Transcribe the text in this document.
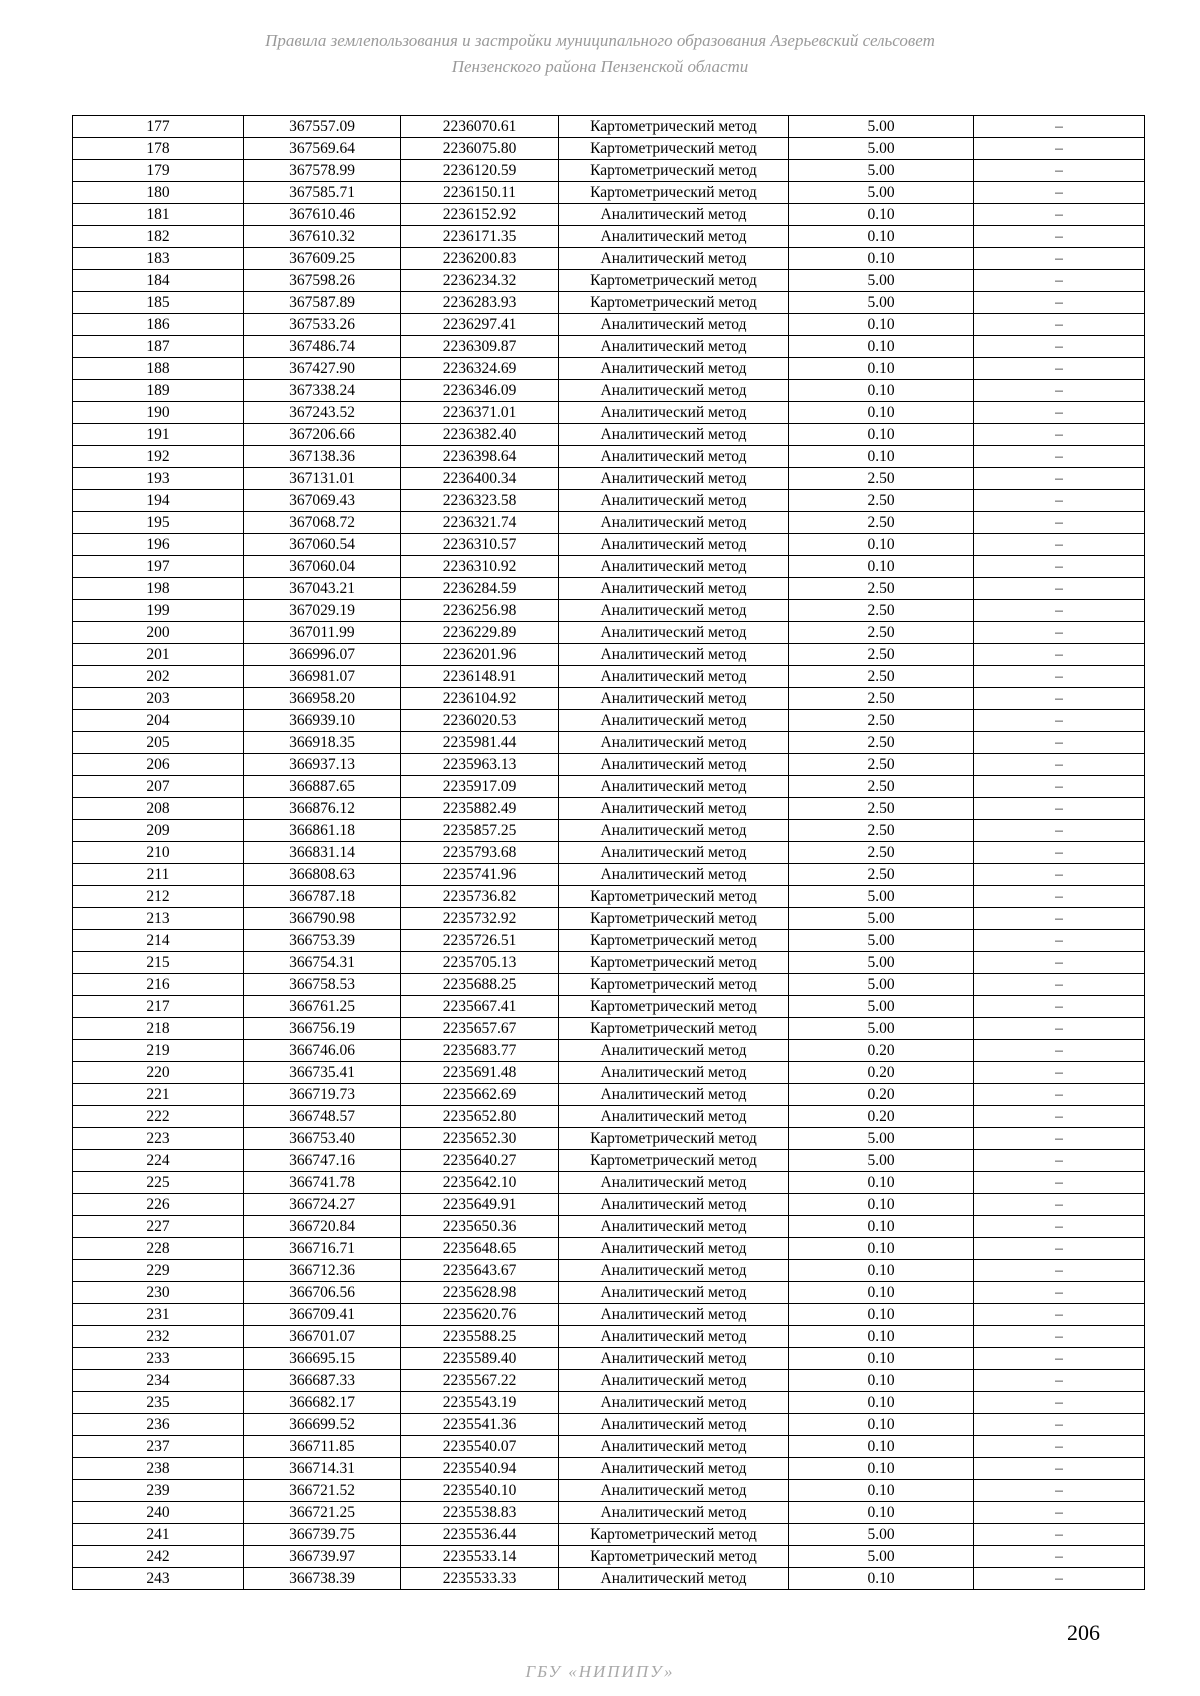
Правила землепользования и застройки муниципального образования Азерьевский сельсовет
Пензенского района Пензенской области
177	367557.09	2236070.61	Картометрический метод	5.00	–
178	367569.64	2236075.80	Картометрический метод	5.00	–
179	367578.99	2236120.59	Картометрический метод	5.00	–
180	367585.71	2236150.11	Картометрический метод	5.00	–
181	367610.46	2236152.92	Аналитический метод	0.10	–
182	367610.32	2236171.35	Аналитический метод	0.10	–
183	367609.25	2236200.83	Аналитический метод	0.10	–
184	367598.26	2236234.32	Картометрический метод	5.00	–
185	367587.89	2236283.93	Картометрический метод	5.00	–
186	367533.26	2236297.41	Аналитический метод	0.10	–
187	367486.74	2236309.87	Аналитический метод	0.10	–
188	367427.90	2236324.69	Аналитический метод	0.10	–
189	367338.24	2236346.09	Аналитический метод	0.10	–
190	367243.52	2236371.01	Аналитический метод	0.10	–
191	367206.66	2236382.40	Аналитический метод	0.10	–
192	367138.36	2236398.64	Аналитический метод	0.10	–
193	367131.01	2236400.34	Аналитический метод	2.50	–
194	367069.43	2236323.58	Аналитический метод	2.50	–
195	367068.72	2236321.74	Аналитический метод	2.50	–
196	367060.54	2236310.57	Аналитический метод	0.10	–
197	367060.04	2236310.92	Аналитический метод	0.10	–
198	367043.21	2236284.59	Аналитический метод	2.50	–
199	367029.19	2236256.98	Аналитический метод	2.50	–
200	367011.99	2236229.89	Аналитический метод	2.50	–
201	366996.07	2236201.96	Аналитический метод	2.50	–
202	366981.07	2236148.91	Аналитический метод	2.50	–
203	366958.20	2236104.92	Аналитический метод	2.50	–
204	366939.10	2236020.53	Аналитический метод	2.50	–
205	366918.35	2235981.44	Аналитический метод	2.50	–
206	366937.13	2235963.13	Аналитический метод	2.50	–
207	366887.65	2235917.09	Аналитический метод	2.50	–
208	366876.12	2235882.49	Аналитический метод	2.50	–
209	366861.18	2235857.25	Аналитический метод	2.50	–
210	366831.14	2235793.68	Аналитический метод	2.50	–
211	366808.63	2235741.96	Аналитический метод	2.50	–
212	366787.18	2235736.82	Картометрический метод	5.00	–
213	366790.98	2235732.92	Картометрический метод	5.00	–
214	366753.39	2235726.51	Картометрический метод	5.00	–
215	366754.31	2235705.13	Картометрический метод	5.00	–
216	366758.53	2235688.25	Картометрический метод	5.00	–
217	366761.25	2235667.41	Картометрический метод	5.00	–
218	366756.19	2235657.67	Картометрический метод	5.00	–
219	366746.06	2235683.77	Аналитический метод	0.20	–
220	366735.41	2235691.48	Аналитический метод	0.20	–
221	366719.73	2235662.69	Аналитический метод	0.20	–
222	366748.57	2235652.80	Аналитический метод	0.20	–
223	366753.40	2235652.30	Картометрический метод	5.00	–
224	366747.16	2235640.27	Картометрический метод	5.00	–
225	366741.78	2235642.10	Аналитический метод	0.10	–
226	366724.27	2235649.91	Аналитический метод	0.10	–
227	366720.84	2235650.36	Аналитический метод	0.10	–
228	366716.71	2235648.65	Аналитический метод	0.10	–
229	366712.36	2235643.67	Аналитический метод	0.10	–
230	366706.56	2235628.98	Аналитический метод	0.10	–
231	366709.41	2235620.76	Аналитический метод	0.10	–
232	366701.07	2235588.25	Аналитический метод	0.10	–
233	366695.15	2235589.40	Аналитический метод	0.10	–
234	366687.33	2235567.22	Аналитический метод	0.10	–
235	366682.17	2235543.19	Аналитический метод	0.10	–
236	366699.52	2235541.36	Аналитический метод	0.10	–
237	366711.85	2235540.07	Аналитический метод	0.10	–
238	366714.31	2235540.94	Аналитический метод	0.10	–
239	366721.52	2235540.10	Аналитический метод	0.10	–
240	366721.25	2235538.83	Аналитический метод	0.10	–
241	366739.75	2235536.44	Картометрический метод	5.00	–
242	366739.97	2235533.14	Картометрический метод	5.00	–
243	366738.39	2235533.33	Аналитический метод	0.10	–
206
ГБУ «НИПИПУ»
